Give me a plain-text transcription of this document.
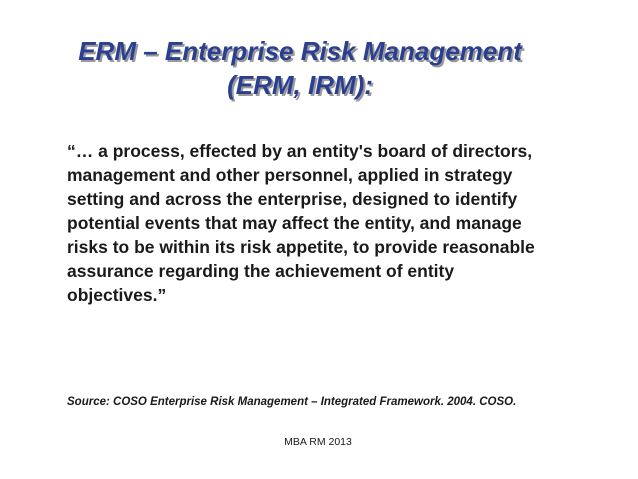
ERM – Enterprise Risk Management
(ERM, IRM):
“… a process, effected by an entity's board of directors,
management and other personnel, applied in strategy
setting and across the enterprise, designed to identify
potential events that may affect the entity, and manage
risks to be within its risk appetite, to provide reasonable
assurance regarding the achievement of entity
objectives.”
Source: COSO Enterprise Risk Management – Integrated Framework. 2004. COSO.
MBA RM 2013
